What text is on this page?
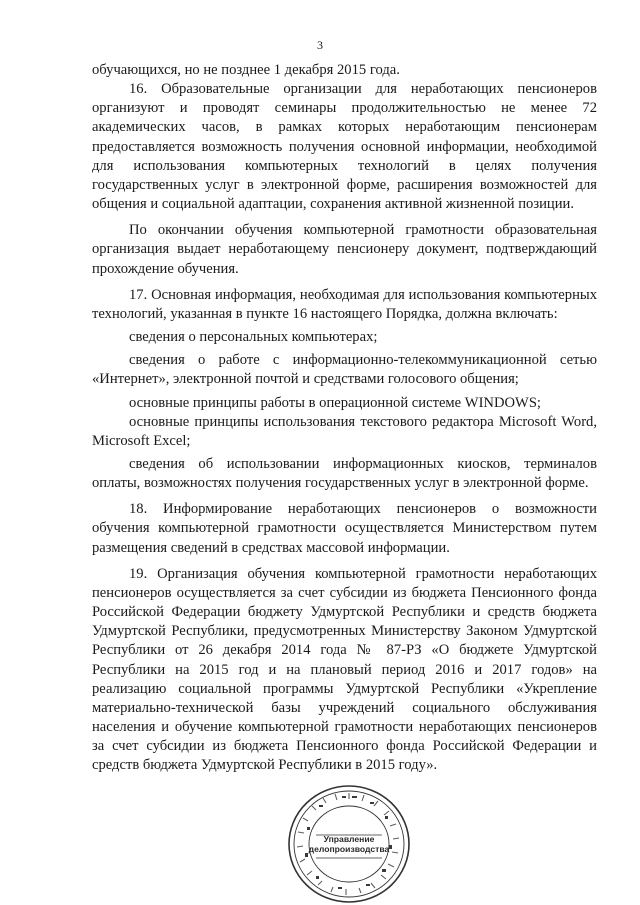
3

обучающихся, но не позднее 1 декабря 2015 года.

16. Образовательные организации для неработающих пенсионеров организуют и проводят семинары продолжительностью не менее 72 академических часов, в рамках которых неработающим пенсионерам предоставляется возможность получения основной информации, необходимой для использования компьютерных технологий в целях получения государственных услуг в электронной форме, расширения возможностей для общения и социальной адаптации, сохранения активной жизненной позиции.

По окончании обучения компьютерной грамотности образовательная организация выдает неработающему пенсионеру документ, подтверждающий прохождение обучения.

17. Основная информация, необходимая для использования компьютерных технологий, указанная в пункте 16 настоящего Порядка, должна включать:

сведения о персональных компьютерах;

сведения о работе с информационно-телекоммуникационной сетью «Интернет», электронной почтой и средствами голосового общения;

основные принципы работы в операционной системе WINDOWS;

основные принципы использования текстового редактора Microsoft Word, Microsoft Excel;

сведения об использовании информационных киосков, терминалов оплаты, возможностях получения государственных услуг в электронной форме.

18. Информирование неработающих пенсионеров о возможности обучения компьютерной грамотности осуществляется Министерством путем размещения сведений в средствах массовой информации.

19. Организация обучения компьютерной грамотности неработающих пенсионеров осуществляется за счет субсидии из бюджета Пенсионного фонда Российской Федерации бюджету Удмуртской Республики и средств бюджета Удмуртской Республики, предусмотренных Министерству Законом Удмуртской Республики от 26 декабря 2014 года № 87-РЗ «О бюджете Удмуртской Республики на 2015 год и на плановый период 2016 и 2017 годов» на реализацию социальной программы Удмуртской Республики «Укрепление материально-технической базы учреждений социального обслуживания населения и обучение компьютерной грамотности неработающих пенсионеров за счет субсидии из бюджета Пенсионного фонда Российской Федерации и средств бюджета Удмуртской Республики в 2015 году».

Управление делопроизводства
